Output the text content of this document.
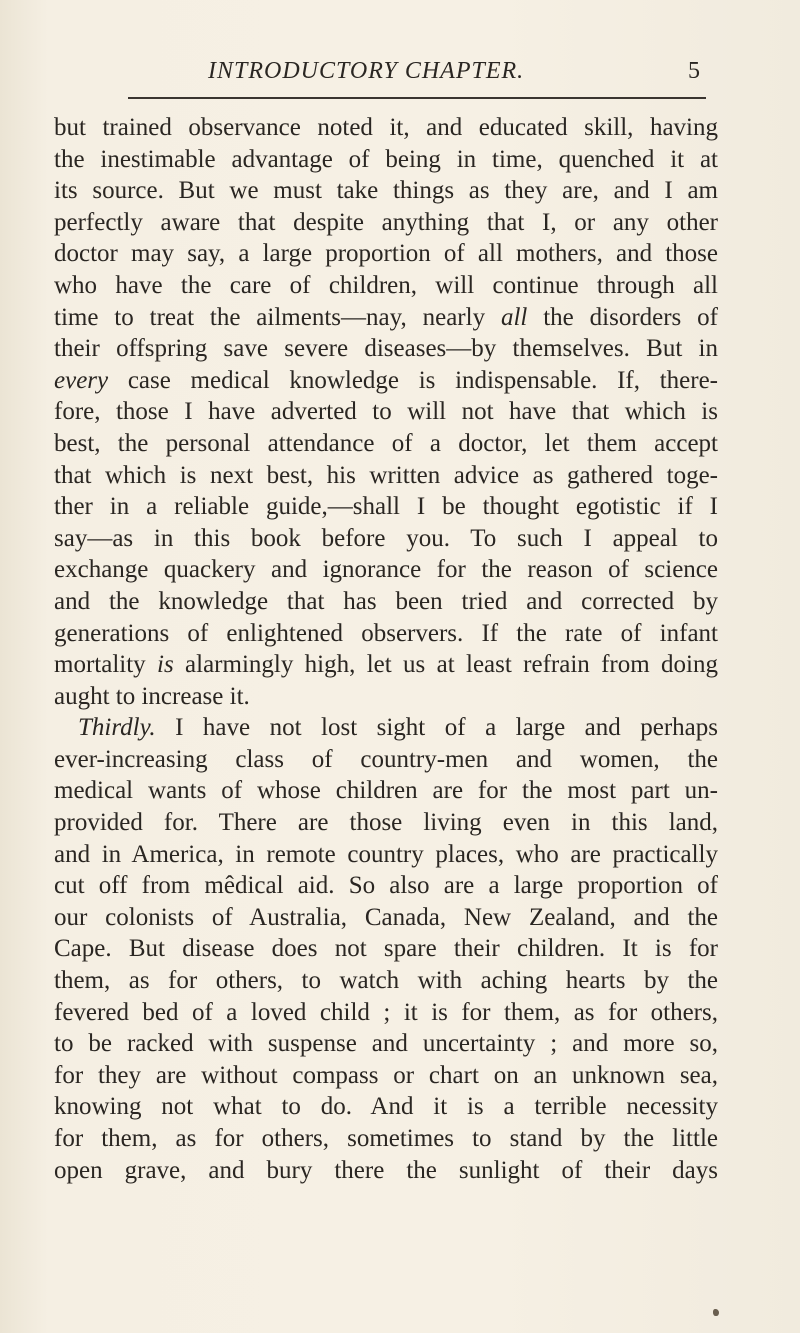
INTRODUCTORY CHAPTER.	5
but trained observance noted it, and educated skill, having
the inestimable advantage of being in time, quenched it at
its source. But we must take things as they are, and I am
perfectly aware that despite anything that I, or any other
doctor may say, a large proportion of all mothers, and those
who have the care of children, will continue through all
time to treat the ailments—nay, nearly all the disorders of
their offspring save severe diseases—by themselves. But in
every case medical knowledge is indispensable. If, there-
fore, those I have adverted to will not have that which is
best, the personal attendance of a doctor, let them accept
that which is next best, his written advice as gathered toge-
ther in a reliable guide,—shall I be thought egotistic if I
say—as in this book before you. To such I appeal to
exchange quackery and ignorance for the reason of science
and the knowledge that has been tried and corrected by
generations of enlightened observers. If the rate of infant
mortality is alarmingly high, let us at least refrain from doing
aught to increase it.
Thirdly. I have not lost sight of a large and perhaps
ever-increasing class of country-men and women, the
medical wants of whose children are for the most part un-
provided for. There are those living even in this land,
and in America, in remote country places, who are practically
cut off from mêdical aid. So also are a large proportion of
our colonists of Australia, Canada, New Zealand, and the
Cape. But disease does not spare their children. It is for
them, as for others, to watch with aching hearts by the
fevered bed of a loved child ; it is for them, as for others,
to be racked with suspense and uncertainty ; and more so,
for they are without compass or chart on an unknown sea,
knowing not what to do. And it is a terrible necessity
for them, as for others, sometimes to stand by the little
open grave, and bury there the sunlight of their days
